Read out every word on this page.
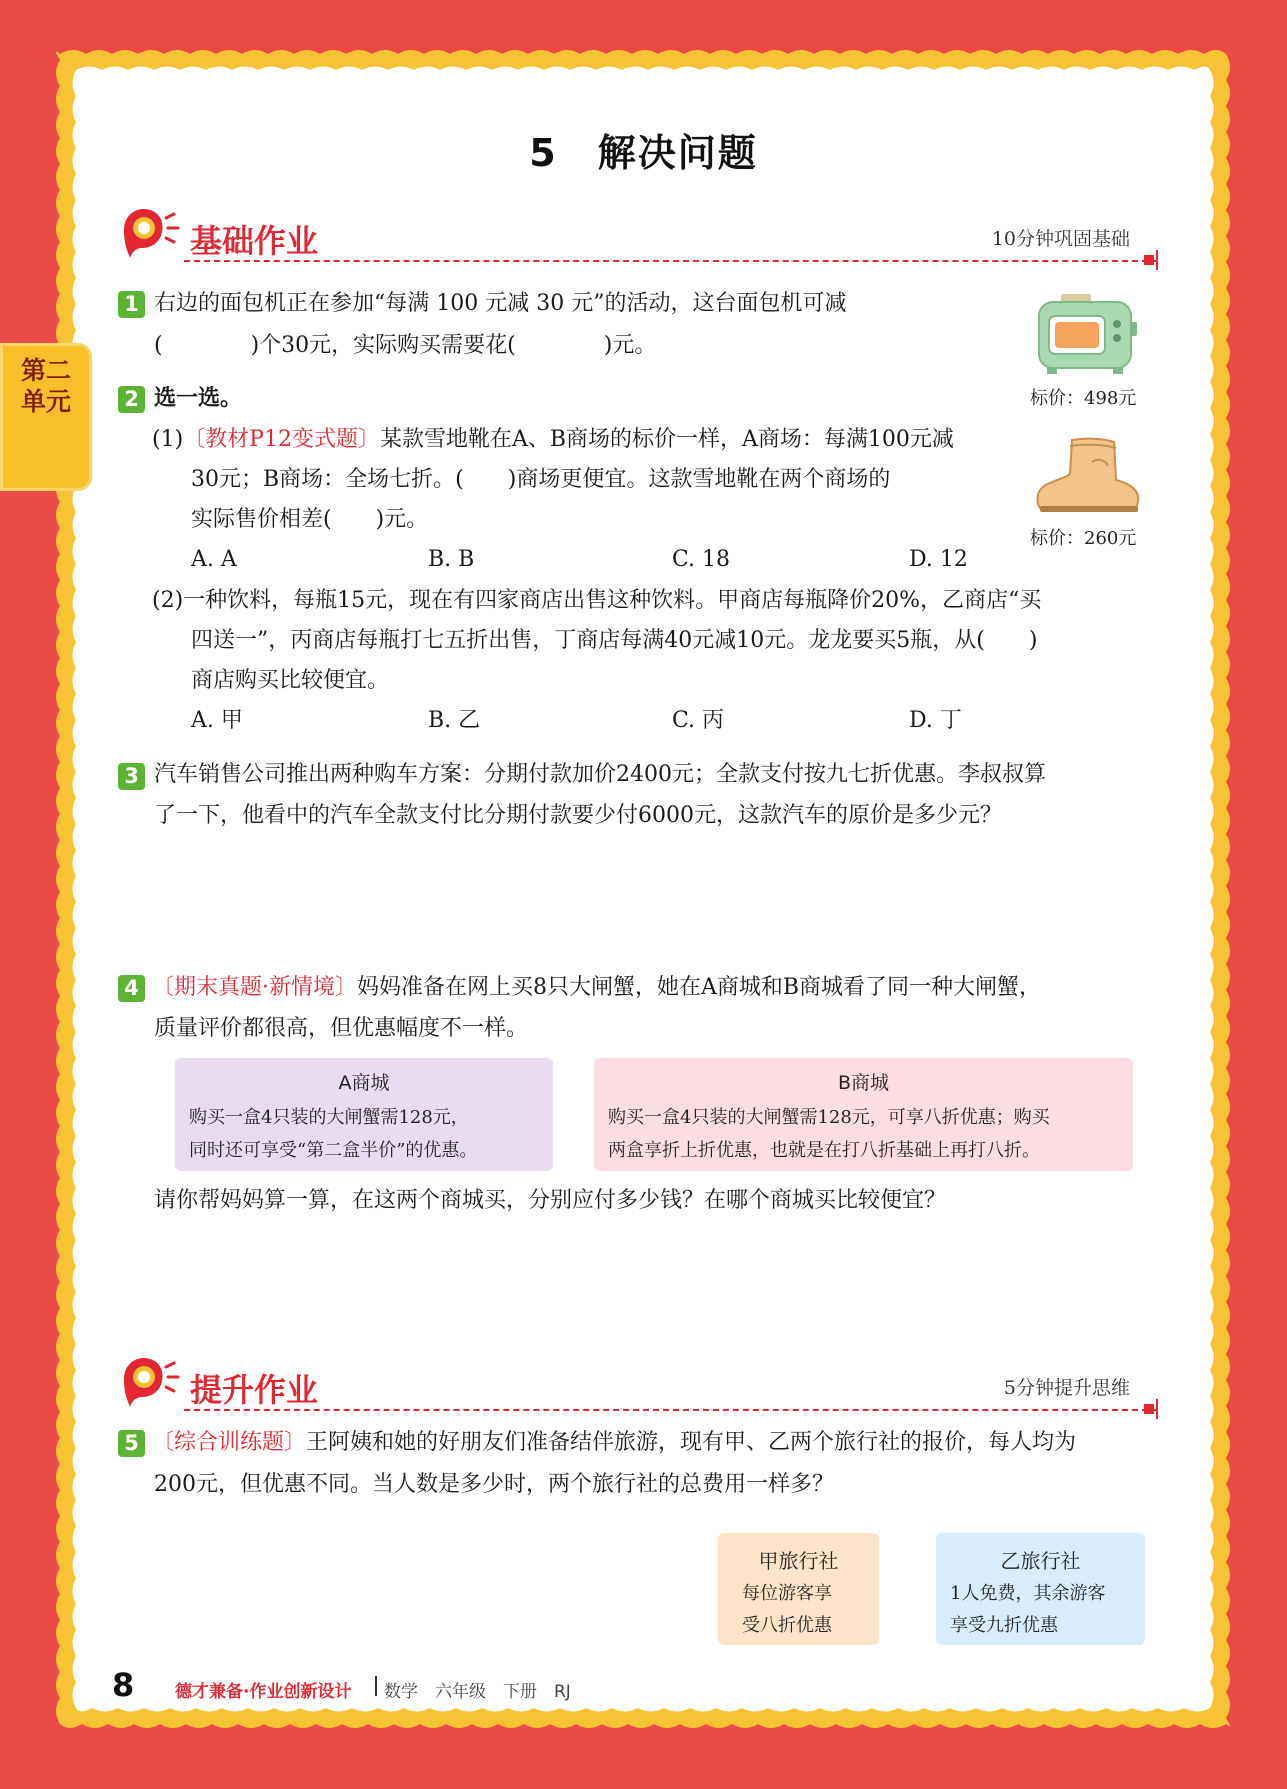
第二单元
5　解决问题
基础作业	10分钟巩固基础
1 右边的面包机正在参加“每满 100 元减 30 元”的活动，这台面包机可减
(　　　　)个30元，实际购买需要花(　　　　)元。
标价：498元
2 选一选。
(1)〔教材P12变式题〕某款雪地靴在A、B商场的标价一样，A商场：每满100元减
30元；B商场：全场七折。(　　)商场更便宜。这款雪地靴在两个商场的
实际售价相差(　　)元。
A. A	B. B	C. 18	D. 12
标价：260元
(2)一种饮料，每瓶15元，现在有四家商店出售这种饮料。甲商店每瓶降价20%，乙商店“买
四送一”，丙商店每瓶打七五折出售，丁商店每满40元减10元。龙龙要买5瓶，从(　　)
商店购买比较便宜。
A. 甲	B. 乙	C. 丙	D. 丁
3 汽车销售公司推出两种购车方案：分期付款加价2400元；全款支付按九七折优惠。李叔叔算
了一下，他看中的汽车全款支付比分期付款要少付6000元，这款汽车的原价是多少元？
4 〔期末真题·新情境〕妈妈准备在网上买8只大闸蟹，她在A商城和B商城看了同一种大闸蟹，
质量评价都很高，但优惠幅度不一样。
A商城
购买一盒4只装的大闸蟹需128元，
同时还可享受“第二盒半价”的优惠。
B商城
购买一盒4只装的大闸蟹需128元，可享八折优惠；购买
两盒享折上折优惠，也就是在打八折基础上再打八折。
请你帮妈妈算一算，在这两个商城买，分别应付多少钱？在哪个商城买比较便宜？
提升作业	5分钟提升思维
5 〔综合训练题〕王阿姨和她的好朋友们准备结伴旅游，现有甲、乙两个旅行社的报价，每人均为
200元，但优惠不同。当人数是多少时，两个旅行社的总费用一样多？
甲旅行社
每位游客享
受八折优惠
乙旅行社
1人免费，其余游客
享受九折优惠
8 德才兼备·作业创新设计 数学　六年级　下册　RJ
